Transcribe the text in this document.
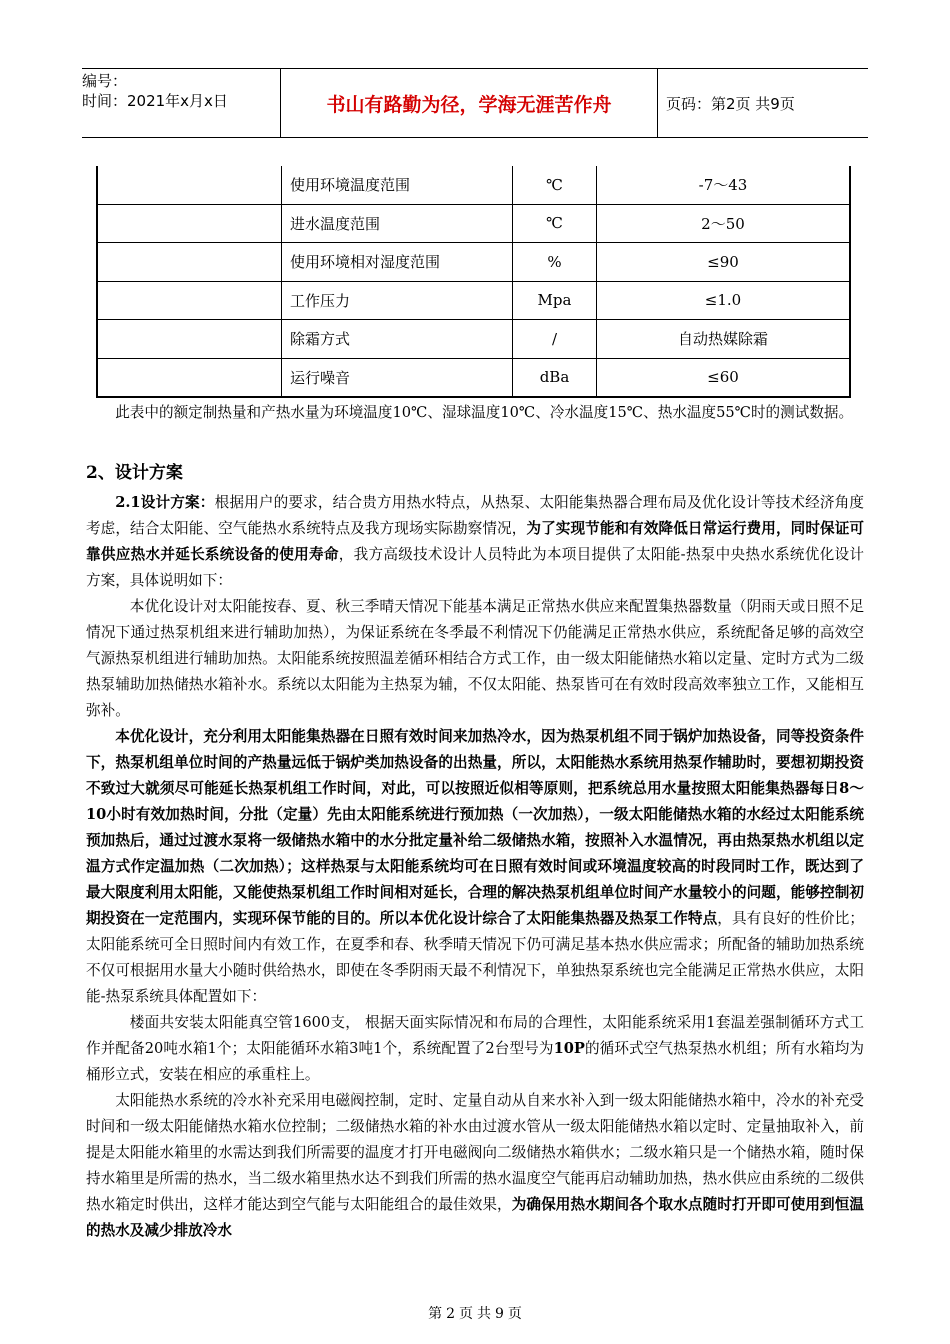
编号：
时间：2021年x月x日	书山有路勤为径，学海无涯苦作舟	页码：第2页 共9页
	使用环境温度范围	℃	-7～43
	进水温度范围	℃	2～50
	使用环境相对湿度范围	%	≤90
	工作压力	Mpa	≤1.0
	除霜方式	/	自动热媒除霜
	运行噪音	dBa	≤60

此表中的额定制热量和产热水量为环境温度10℃、湿球温度10℃、冷水温度15℃、热水温度55℃时的测试数据。

2、设计方案

2.1设计方案：根据用户的要求，结合贵方用热水特点，从热泵、太阳能集热器合理布局及优化设计等技术经济角度考虑，结合太阳能、空气能热水系统特点及我方现场实际勘察情况，为了实现节能和有效降低日常运行费用，同时保证可靠供应热水并延长系统设备的使用寿命，我方高级技术设计人员特此为本项目提供了太阳能-热泵中央热水系统优化设计方案，具体说明如下：

本优化设计对太阳能按春、夏、秋三季晴天情况下能基本满足正常热水供应来配置集热器数量（阴雨天或日照不足情况下通过热泵机组来进行辅助加热），为保证系统在冬季最不利情况下仍能满足正常热水供应，系统配备足够的高效空气源热泵机组进行辅助加热。太阳能系统按照温差循环相结合方式工作，由一级太阳能储热水箱以定量、定时方式为二级热泵辅助加热储热水箱补水。系统以太阳能为主热泵为辅，不仅太阳能、热泵皆可在有效时段高效率独立工作，又能相互弥补。

本优化设计，充分利用太阳能集热器在日照有效时间来加热冷水，因为热泵机组不同于锅炉加热设备，同等投资条件下，热泵机组单位时间的产热量远低于锅炉类加热设备的出热量，所以，太阳能热水系统用热泵作辅助时，要想初期投资不致过大就须尽可能延长热泵机组工作时间，对此，可以按照近似相等原则，把系统总用水量按照太阳能集热器每日8～10小时有效加热时间，分批（定量）先由太阳能系统进行预加热（一次加热），一级太阳能储热水箱的水经过太阳能系统预加热后，通过过渡水泵将一级储热水箱中的水分批定量补给二级储热水箱，按照补入水温情况，再由热泵热水机组以定温方式作定温加热（二次加热）；这样热泵与太阳能系统均可在日照有效时间或环境温度较高的时段同时工作，既达到了最大限度利用太阳能，又能使热泵机组工作时间相对延长，合理的解决热泵机组单位时间产水量较小的问题，能够控制初期投资在一定范围内，实现环保节能的目的。所以本优化设计综合了太阳能集热器及热泵工作特点，具有良好的性价比；太阳能系统可全日照时间内有效工作，在夏季和春、秋季晴天情况下仍可满足基本热水供应需求；所配备的辅助加热系统不仅可根据用水量大小随时供给热水，即使在冬季阴雨天最不利情况下，单独热泵系统也完全能满足正常热水供应，太阳能-热泵系统具体配置如下：

楼面共安装太阳能真空管1600支， 根据天面实际情况和布局的合理性，太阳能系统采用1套温差强制循环方式工作并配备20吨水箱1个；太阳能循环水箱3吨1个，系统配置了2台型号为10P的循环式空气热泵热水机组；所有水箱均为桶形立式，安装在相应的承重柱上。

太阳能热水系统的冷水补充采用电磁阀控制，定时、定量自动从自来水补入到一级太阳能储热水箱中，冷水的补充受时间和一级太阳能储热水箱水位控制；二级储热水箱的补水由过渡水管从一级太阳能储热水箱以定时、定量抽取补入，前提是太阳能水箱里的水需达到我们所需要的温度才打开电磁阀向二级储热水箱供水；二级水箱只是一个储热水箱，随时保持水箱里是所需的热水，当二级水箱里热水达不到我们所需的热水温度空气能再启动辅助加热，热水供应由系统的二级供热水箱定时供出，这样才能达到空气能与太阳能组合的最佳效果，为确保用热水期间各个取水点随时打开即可使用到恒温的热水及减少排放冷水

第 2 页 共 9 页
